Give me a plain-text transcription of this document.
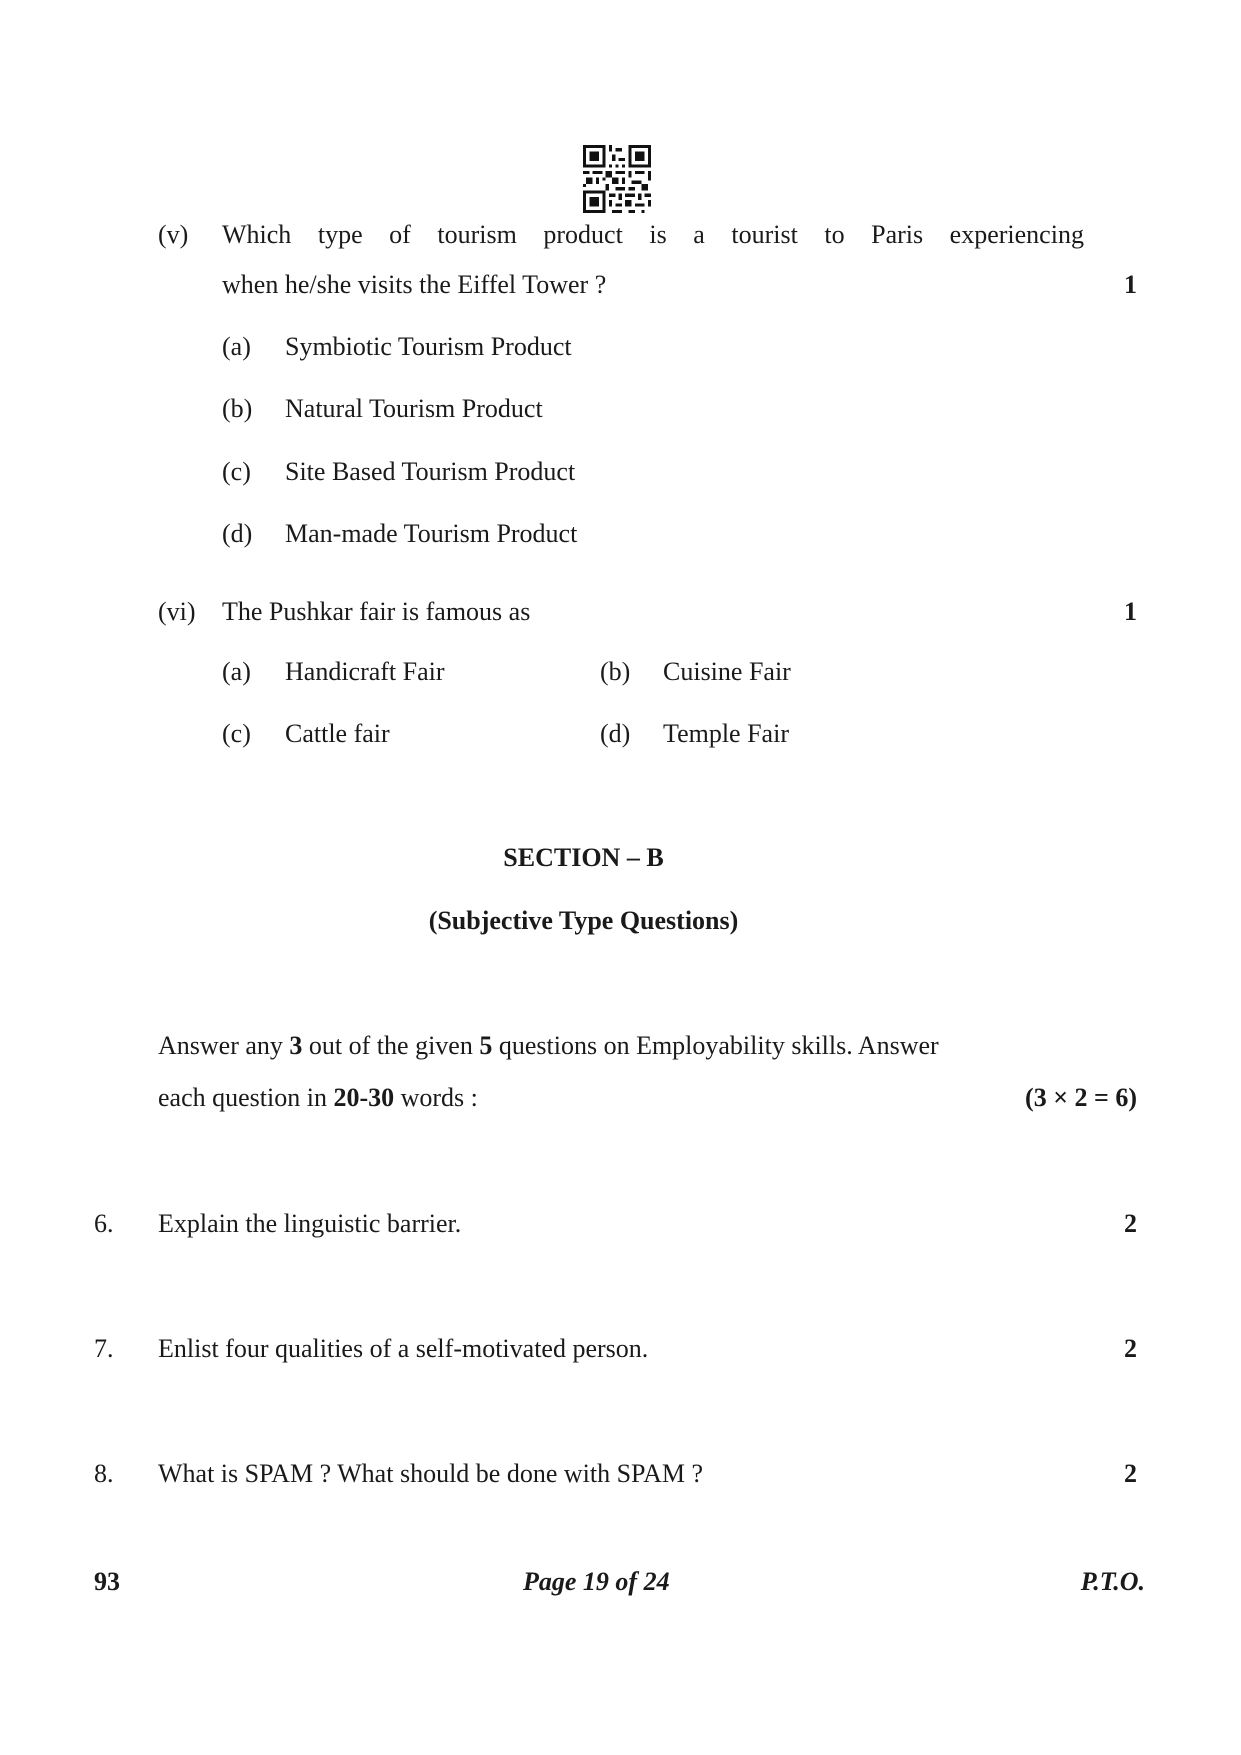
(v) Which type of tourism product is a tourist to Paris experiencing
when he/she visits the Eiffel Tower ?	1
(a) Symbiotic Tourism Product
(b) Natural Tourism Product
(c) Site Based Tourism Product
(d) Man-made Tourism Product
(vi) The Pushkar fair is famous as	1
(a) Handicraft Fair	(b) Cuisine Fair
(c) Cattle fair	(d) Temple Fair
SECTION – B
(Subjective Type Questions)
Answer any 3 out of the given 5 questions on Employability skills. Answer
each question in 20-30 words :	(3 × 2 = 6)
6. Explain the linguistic barrier.	2
7. Enlist four qualities of a self-motivated person.	2
8. What is SPAM ? What should be done with SPAM ?	2
93	Page 19 of 24	P.T.O.
